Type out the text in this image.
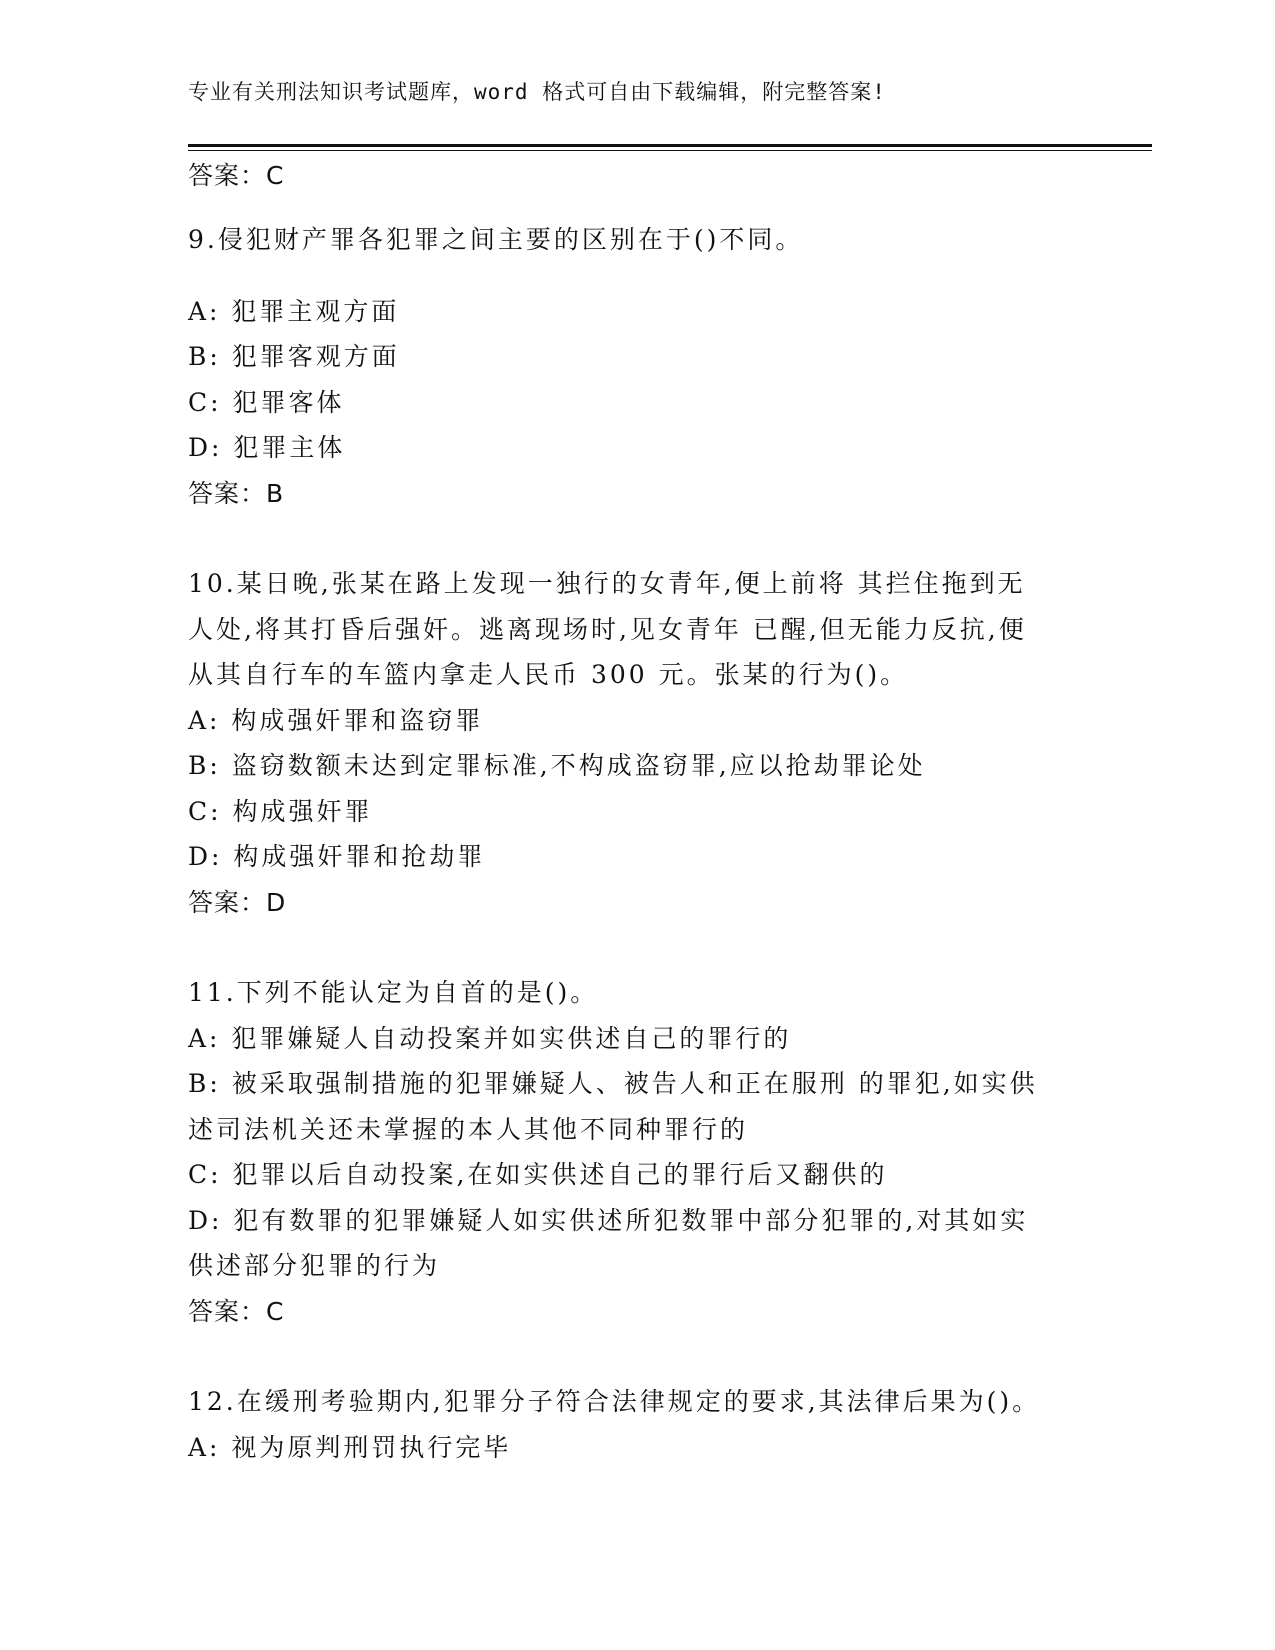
专业有关刑法知识考试题库，word 格式可自由下载编辑，附完整答案!
答案：C
9.侵犯财产罪各犯罪之间主要的区别在于()不同。
A: 犯罪主观方面
B: 犯罪客观方面
C: 犯罪客体
D: 犯罪主体
答案：B
10.某日晚,张某在路上发现一独行的女青年,便上前将 其拦住拖到无
人处,将其打昏后强奸。逃离现场时,见女青年 已醒,但无能力反抗,便
从其自行车的车篮内拿走人民币 300 元。张某的行为()。
A: 构成强奸罪和盗窃罪
B: 盗窃数额未达到定罪标准,不构成盗窃罪,应以抢劫罪论处
C: 构成强奸罪
D: 构成强奸罪和抢劫罪
答案：D
11.下列不能认定为自首的是()。
A: 犯罪嫌疑人自动投案并如实供述自己的罪行的
B: 被采取强制措施的犯罪嫌疑人、被告人和正在服刑 的罪犯,如实供
述司法机关还未掌握的本人其他不同种罪行的
C: 犯罪以后自动投案,在如实供述自己的罪行后又翻供的
D: 犯有数罪的犯罪嫌疑人如实供述所犯数罪中部分犯罪的,对其如实
供述部分犯罪的行为
答案：C
12.在缓刑考验期内,犯罪分子符合法律规定的要求,其法律后果为()。
A: 视为原判刑罚执行完毕
